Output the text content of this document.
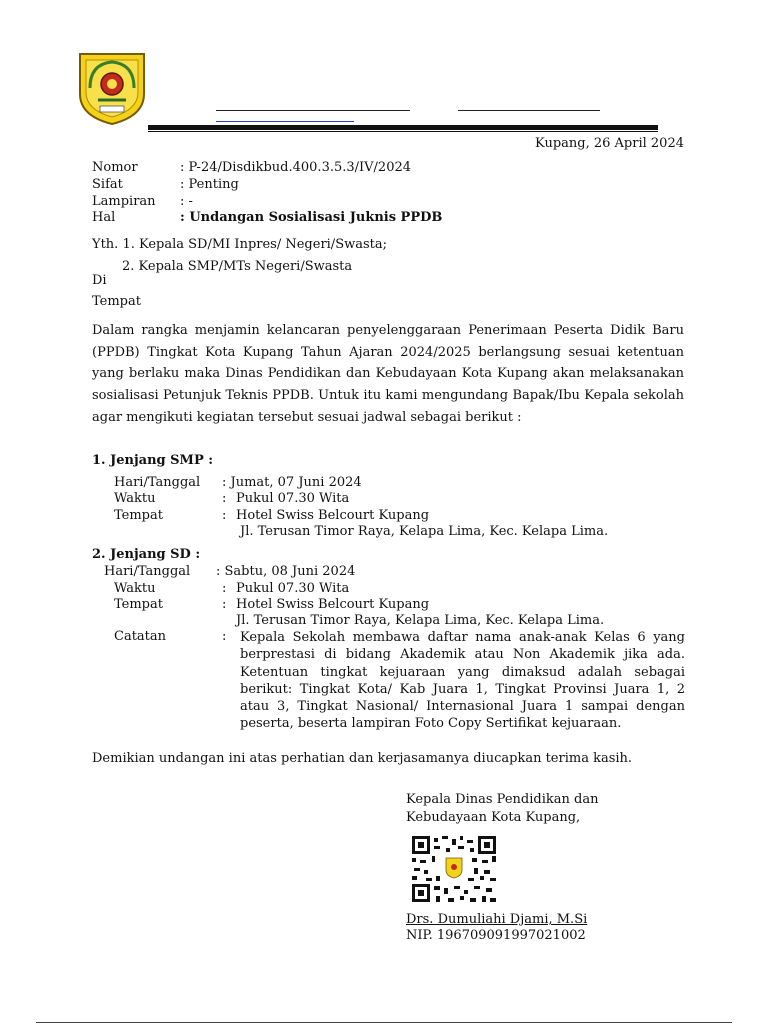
Kupang, 26 April 2024
Nomor	: P-24/Disdikbud.400.3.5.3/IV/2024
Sifat	: Penting
Lampiran : -
Hal	: Undangan Sosialisasi Juknis PPDB
Yth. 1. Kepala SD/MI Inpres/ Negeri/Swasta;
2. Kepala SMP/MTs Negeri/Swasta
Di
Tempat
Dalam rangka menjamin kelancaran penyelenggaraan Penerimaan Peserta Didik Baru (PPDB) Tingkat Kota Kupang Tahun Ajaran 2024/2025 berlangsung sesuai ketentuan yang berlaku maka Dinas Pendidikan dan Kebudayaan Kota Kupang akan melaksanakan sosialisasi Petunjuk Teknis PPDB. Untuk itu kami mengundang Bapak/Ibu Kepala sekolah agar mengikuti kegiatan tersebut sesuai jadwal sebagai berikut :
1. Jenjang SMP :
Hari/Tanggal : Jumat, 07 Juni 2024
Waktu	: Pukul 07.30 Wita
Tempat	: Hotel Swiss Belcourt Kupang
Jl. Terusan Timor Raya, Kelapa Lima, Kec. Kelapa Lima.
2. Jenjang SD :
Hari/Tanggal : Sabtu, 08 Juni 2024
Waktu	: Pukul 07.30 Wita
Tempat	: Hotel Swiss Belcourt Kupang
Jl. Terusan Timor Raya, Kelapa Lima, Kec. Kelapa Lima.
Catatan	: Kepala Sekolah membawa daftar nama anak-anak Kelas 6 yang berprestasi di bidang Akademik atau Non Akademik jika ada. Ketentuan tingkat kejuaraan yang dimaksud adalah sebagai berikut: Tingkat Kota/ Kab Juara 1, Tingkat Provinsi Juara 1, 2 atau 3, Tingkat Nasional/ Internasional Juara 1 sampai dengan peserta, beserta lampiran Foto Copy Sertifikat kejuaraan.
Demikian undangan ini atas perhatian dan kerjasamanya diucapkan terima kasih.
Kepala Dinas Pendidikan dan
Kebudayaan Kota Kupang,
Drs. Dumuliahi Djami, M.Si
NIP. 196709091997021002
